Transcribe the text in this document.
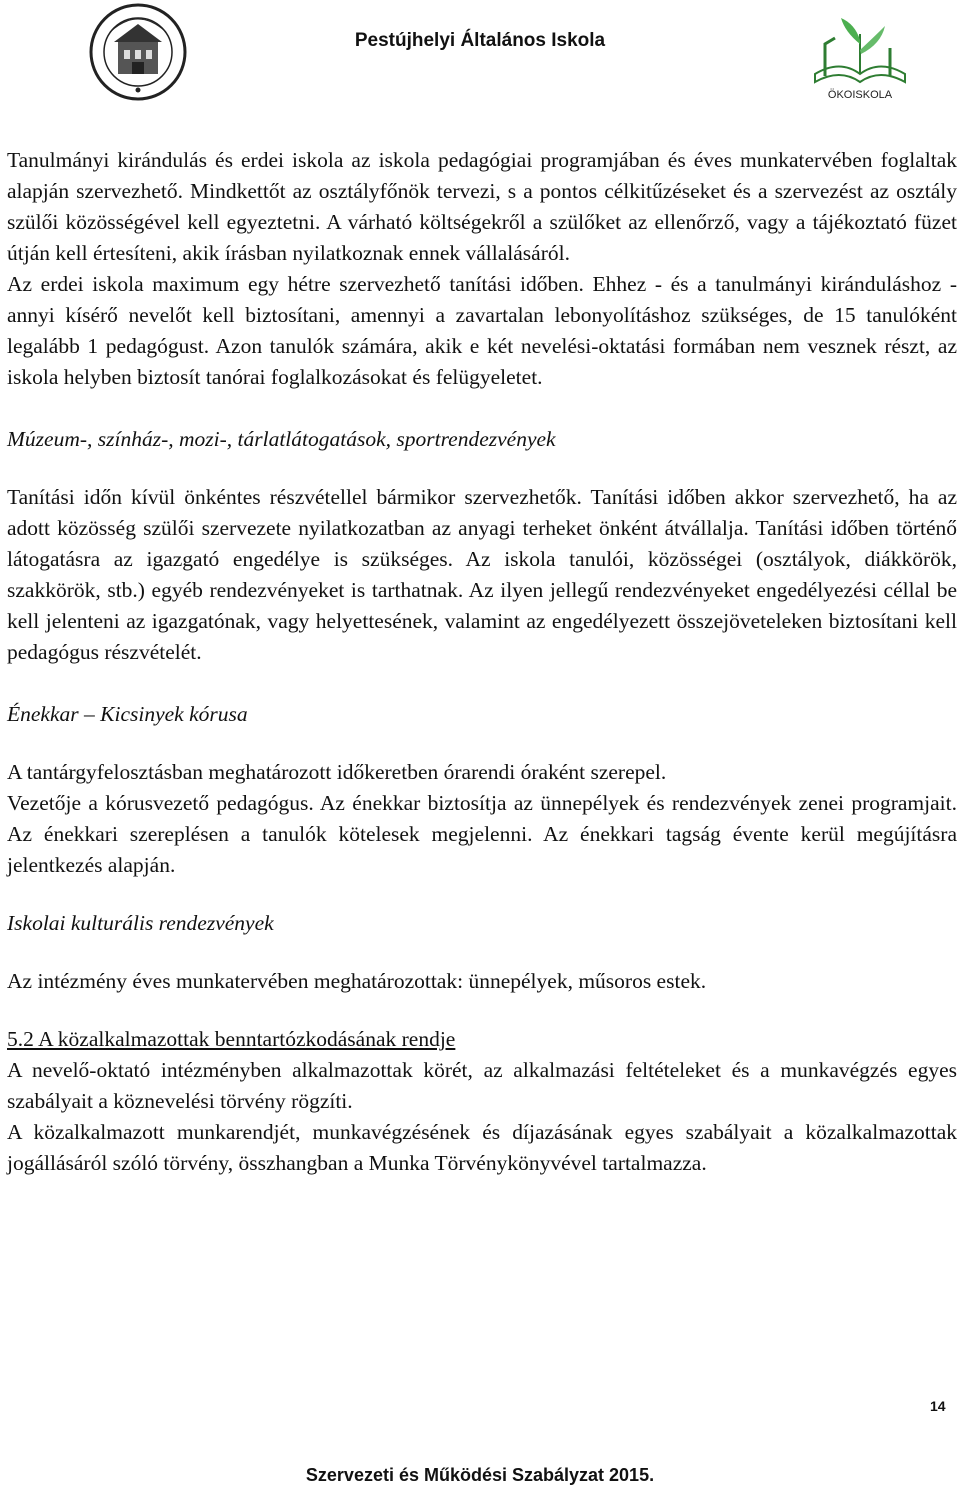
Pestújhelyi Általános Iskola
ÖKOISKOLA

Tanulmányi kirándulás és erdei iskola az iskola pedagógiai programjában és éves munkatervében foglaltak alapján szervezhető. Mindkettőt az osztályfőnök tervezi, s a pontos célkitűzéseket és a szervezést az osztály szülői közösségével kell egyeztetni. A várható költségekről a szülőket az ellenőrző, vagy a tájékoztató füzet útján kell értesíteni, akik írásban nyilatkoznak ennek vállalásáról.

Az erdei iskola maximum egy hétre szervezhető tanítási időben. Ehhez - és a tanulmányi kiránduláshoz - annyi kísérő nevelőt kell biztosítani, amennyi a zavartalan lebonyolításhoz szükséges, de 15 tanulóként legalább 1 pedagógust. Azon tanulók számára, akik e két nevelési-oktatási formában nem vesznek részt, az iskola helyben biztosít tanórai foglalkozásokat és felügyeletet.

Múzeum-, színház-, mozi-, tárlatlátogatások, sportrendezvények

Tanítási időn kívül önkéntes részvétellel bármikor szervezhetők. Tanítási időben akkor szervezhető, ha az adott közösség szülői szervezete nyilatkozatban az anyagi terheket önként átvállalja. Tanítási időben történő látogatásra az igazgató engedélye is szükséges. Az iskola tanulói, közösségei (osztályok, diákkörök, szakkörök, stb.) egyéb rendezvényeket is tarthatnak. Az ilyen jellegű rendezvényeket engedélyezési céllal be kell jelenteni az igazgatónak, vagy helyettesének, valamint az engedélyezett összejöveteleken biztosítani kell pedagógus részvételét.

Énekkar – Kicsinyek kórusa

A tantárgyfelosztásban meghatározott időkeretben órarendi óraként szerepel.

Vezetője a kórusvezető pedagógus. Az énekkar biztosítja az ünnepélyek és rendezvények zenei programjait. Az énekkari szereplésen a tanulók kötelesek megjelenni. Az énekkari tagság évente kerül megújításra jelentkezés alapján.

Iskolai kulturális rendezvények

Az intézmény éves munkatervében meghatározottak: ünnepélyek, műsoros estek.

5.2 A közalkalmazottak benntartózkodásának rendje

A nevelő-oktató intézményben alkalmazottak körét, az alkalmazási feltételeket és a munkavégzés egyes szabályait a köznevelési törvény rögzíti.

A közalkalmazott munkarendjét, munkavégzésének és díjazásának egyes szabályait a közalkalmazottak jogállásáról szóló törvény, összhangban a Munka Törvénykönyvével tartalmazza.

14
Szervezeti és Működési Szabályzat 2015.
